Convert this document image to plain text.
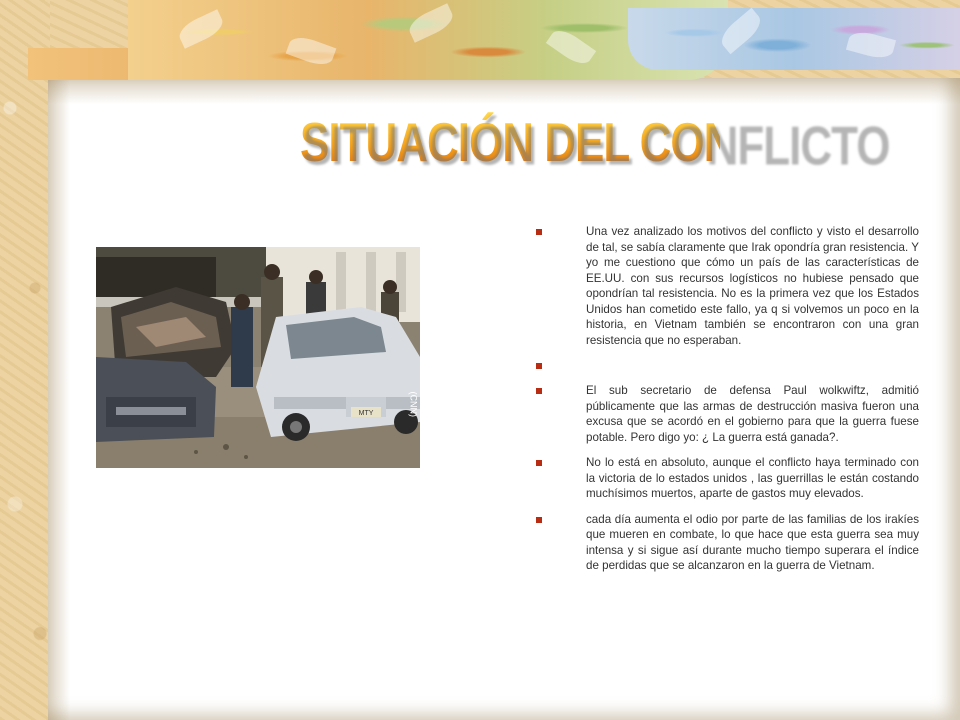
SITUACIÓN DEL CONFLICTO
MTY	(CNN)
Una vez analizado los motivos del conflicto y visto el desarrollo de tal, se sabía claramente que Irak opondría gran resistencia. Y yo me cuestiono que cómo un país de las características de EE.UU. con sus recursos logísticos no hubiese pensado que opondrían tal resistencia. No es la primera vez que los Estados Unidos han cometido este fallo, ya q si volvemos un poco en la historia, en Vietnam también se encontraron con una gran resistencia que no esperaban.
El sub secretario de defensa Paul wolkwiftz, admitió públicamente que las armas de destrucción masiva fueron una excusa que se acordó en el gobierno para que la guerra fuese potable. Pero digo yo: ¿ La guerra está ganada?.
No lo está en absoluto, aunque el conflicto haya terminado con la victoria de lo estados unidos , las guerrillas le están costando muchísimos muertos, aparte de gastos muy elevados.
cada día aumenta el odio por parte de las familias de los irakíes que mueren en combate, lo que hace que esta guerra sea muy intensa y si sigue así durante mucho tiempo superara el índice de perdidas que se alcanzaron en la guerra de Vietnam.
